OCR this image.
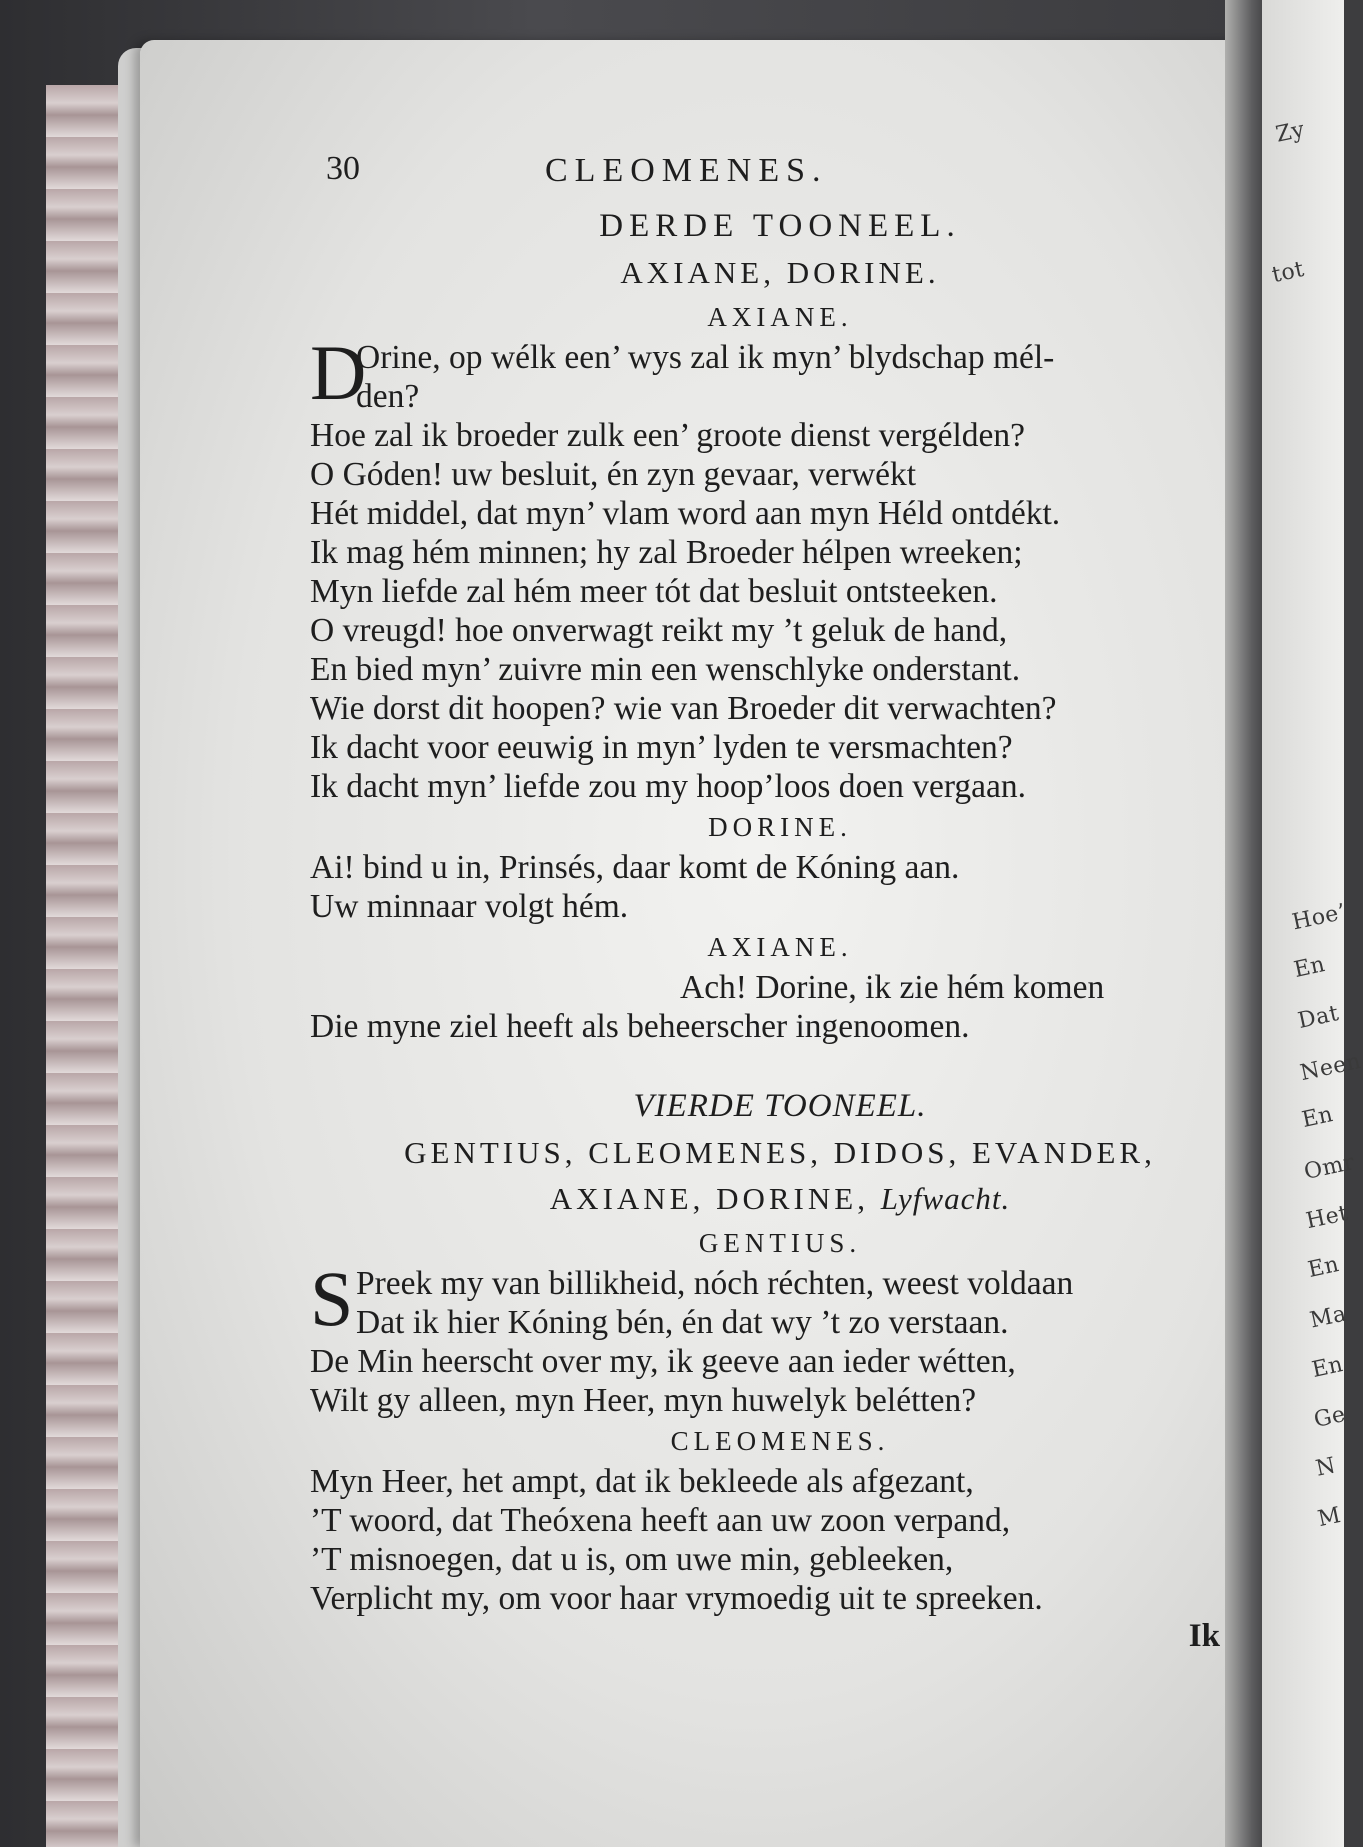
Zy
tot
Hoe’
En
Dat
Neen
En
Omr
Het
En
Ma
En
Ge
N
M
30	CLEOMENES.
DERDE TOONEEL.
AXIANE, DORINE.
AXIANE.
D
Orine, op wélk een’ wys zal ik myn’ blydschap mél-
den?
Hoe zal ik broeder zulk een’ groote dienst vergélden?
O Góden! uw besluit, én zyn gevaar, verwékt
Hét middel, dat myn’ vlam word aan myn Héld ontdékt.
Ik mag hém minnen; hy zal Broeder hélpen wreeken;
Myn liefde zal hém meer tót dat besluit ontsteeken.
O vreugd! hoe onverwagt reikt my ’t geluk de hand,
En bied myn’ zuivre min een wenschlyke onderstant.
Wie dorst dit hoopen? wie van Broeder dit verwachten?
Ik dacht voor eeuwig in myn’ lyden te versmachten?
Ik dacht myn’ liefde zou my hoop’loos doen vergaan.
DORINE.
Ai! bind u in, Prinsés, daar komt de Kóning aan.
Uw minnaar volgt hém.
AXIANE.
Ach! Dorine, ik zie hém komen
Die myne ziel heeft als beheerscher ingenoomen.
VIERDE TOONEEL.
GENTIUS, CLEOMENES, DIDOS, EVANDER,
AXIANE, DORINE, Lyfwacht.
GENTIUS.
S Preek my van billikheid, nóch réchten, weest voldaan
Dat ik hier Kóning bén, én dat wy ’t zo verstaan.
De Min heerscht over my, ik geeve aan ieder wétten,
Wilt gy alleen, myn Heer, myn huwelyk belétten?
CLEOMENES.
Myn Heer, het ampt, dat ik bekleede als afgezant,
’T woord, dat Theóxena heeft aan uw zoon verpand,
’T misnoegen, dat u is, om uwe min, gebleeken,
Verplicht my, om voor haar vrymoedig uit te spreeken.
Ik
